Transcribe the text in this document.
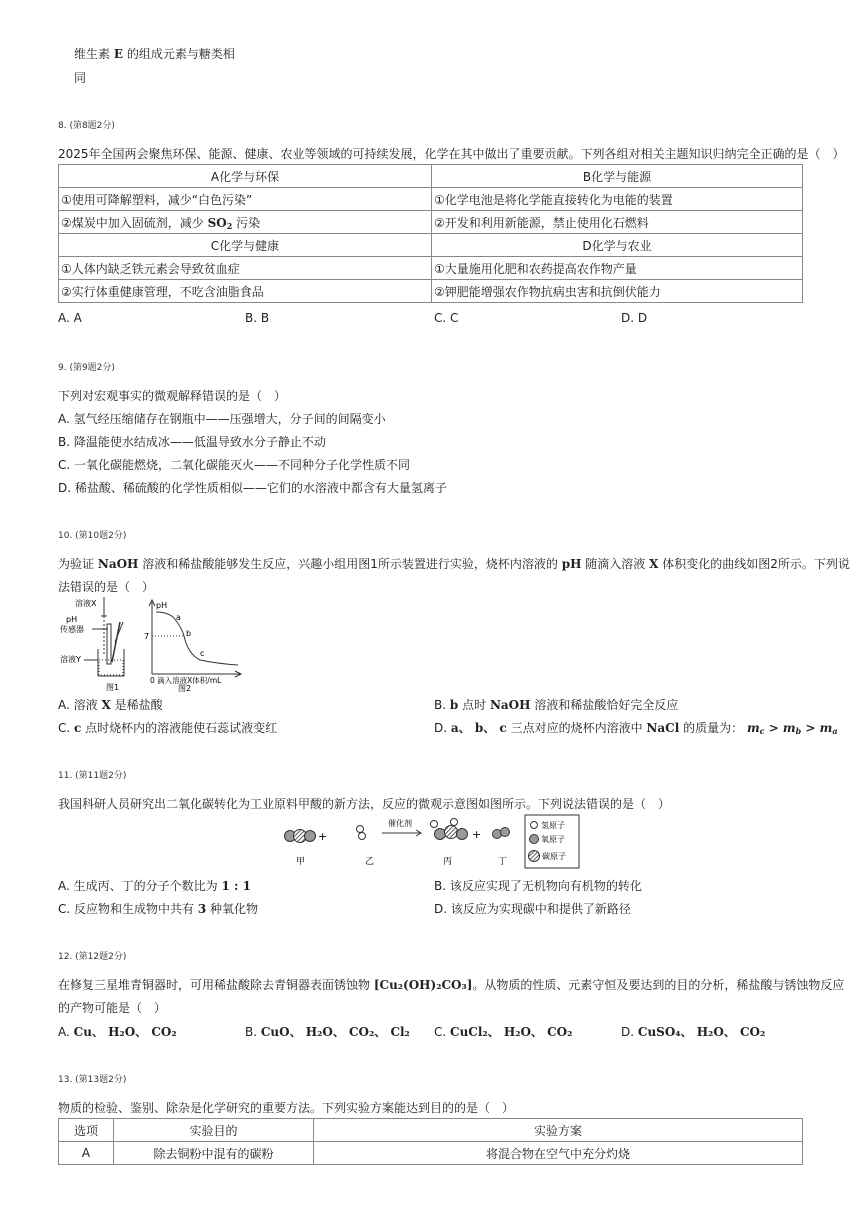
维生素 E 的组成元素与糖类相
同
8. (第8题2分)
2025年全国两会聚焦环保、能源、健康、农业等领域的可持续发展，化学在其中做出了重要贡献。下列各组对相关主题知识归纳完全正确的是（　）
A化学与环保	B化学与能源
①使用可降解塑料，减少“白色污染”	①化学电池是将化学能直接转化为电能的装置
②煤炭中加入固硫剂，减少 $SO_2$ 污染	②开发和利用新能源，禁止使用化石燃料
C化学与健康	D化学与农业
①人体内缺乏铁元素会导致贫血症	①大量施用化肥和农药提高农作物产量
②实行体重健康管理，不吃含油脂食品	②钾肥能增强农作物抗病虫害和抗倒伏能力
A. A	B. B	C. C	D. D
9. (第9题2分)
下列对宏观事实的微观解释错误的是（　）
A. 氢气经压缩储存在钢瓶中——压强增大，分子间的间隔变小
B. 降温能使水结成冰——低温导致水分子静止不动
C. 一氧化碳能燃烧，二氧化碳能灭火——不同种分子化学性质不同
D. 稀盐酸、稀硫酸的化学性质相似——它们的水溶液中都含有大量氢离子
10. (第10题2分)
为验证 NaOH 溶液和稀盐酸能够发生反应，兴趣小组用图1所示装置进行实验，烧杯内溶液的 pH 随滴入溶液 X 体积变化的曲线如图2所示。下列说
法错误的是（　）
溶液X
pH
传感器
溶液Y
图1
pH
7
a
b
c
0 滴入溶液X体积/mL
图2
A. 溶液 X 是稀盐酸	B. b 点时 NaOH 溶液和稀盐酸恰好完全反应
C. c 点时烧杯内的溶液能使石蕊试液变红	D. a、 b、 c 三点对应的烧杯内溶液中 NaCl 的质量为： $m_c > m_b > m_a$
11. (第11题2分)
我国科研人员研究出二氧化碳转化为工业原料甲酸的新方法，反应的微观示意图如图所示。下列说法错误的是（　）
+
甲	乙
催化剂
+
丙	丁
氢原子
氧原子
碳原子
A. 生成丙、丁的分子个数比为 1 : 1	B. 该反应实现了无机物向有机物的转化
C. 反应物和生成物中共有 3 种氧化物	D. 该反应为实现碳中和提供了新路径
12. (第12题2分)
在修复三星堆青铜器时，可用稀盐酸除去青铜器表面锈蚀物 [Cu₂(OH)₂CO₃]。从物质的性质、元素守恒及要达到的目的分析，稀盐酸与锈蚀物反应
的产物可能是（　）
A. Cu、 H₂O、 CO₂	B. CuO、 H₂O、 CO₂、 Cl₂ C. CuCl₂、 H₂O、 CO₂	D. CuSO₄、 H₂O、 CO₂
13. (第13题2分)
物质的检验、鉴别、除杂是化学研究的重要方法。下列实验方案能达到目的的是（　）
选项	实验目的	实验方案
A	除去铜粉中混有的碳粉	将混合物在空气中充分灼烧
